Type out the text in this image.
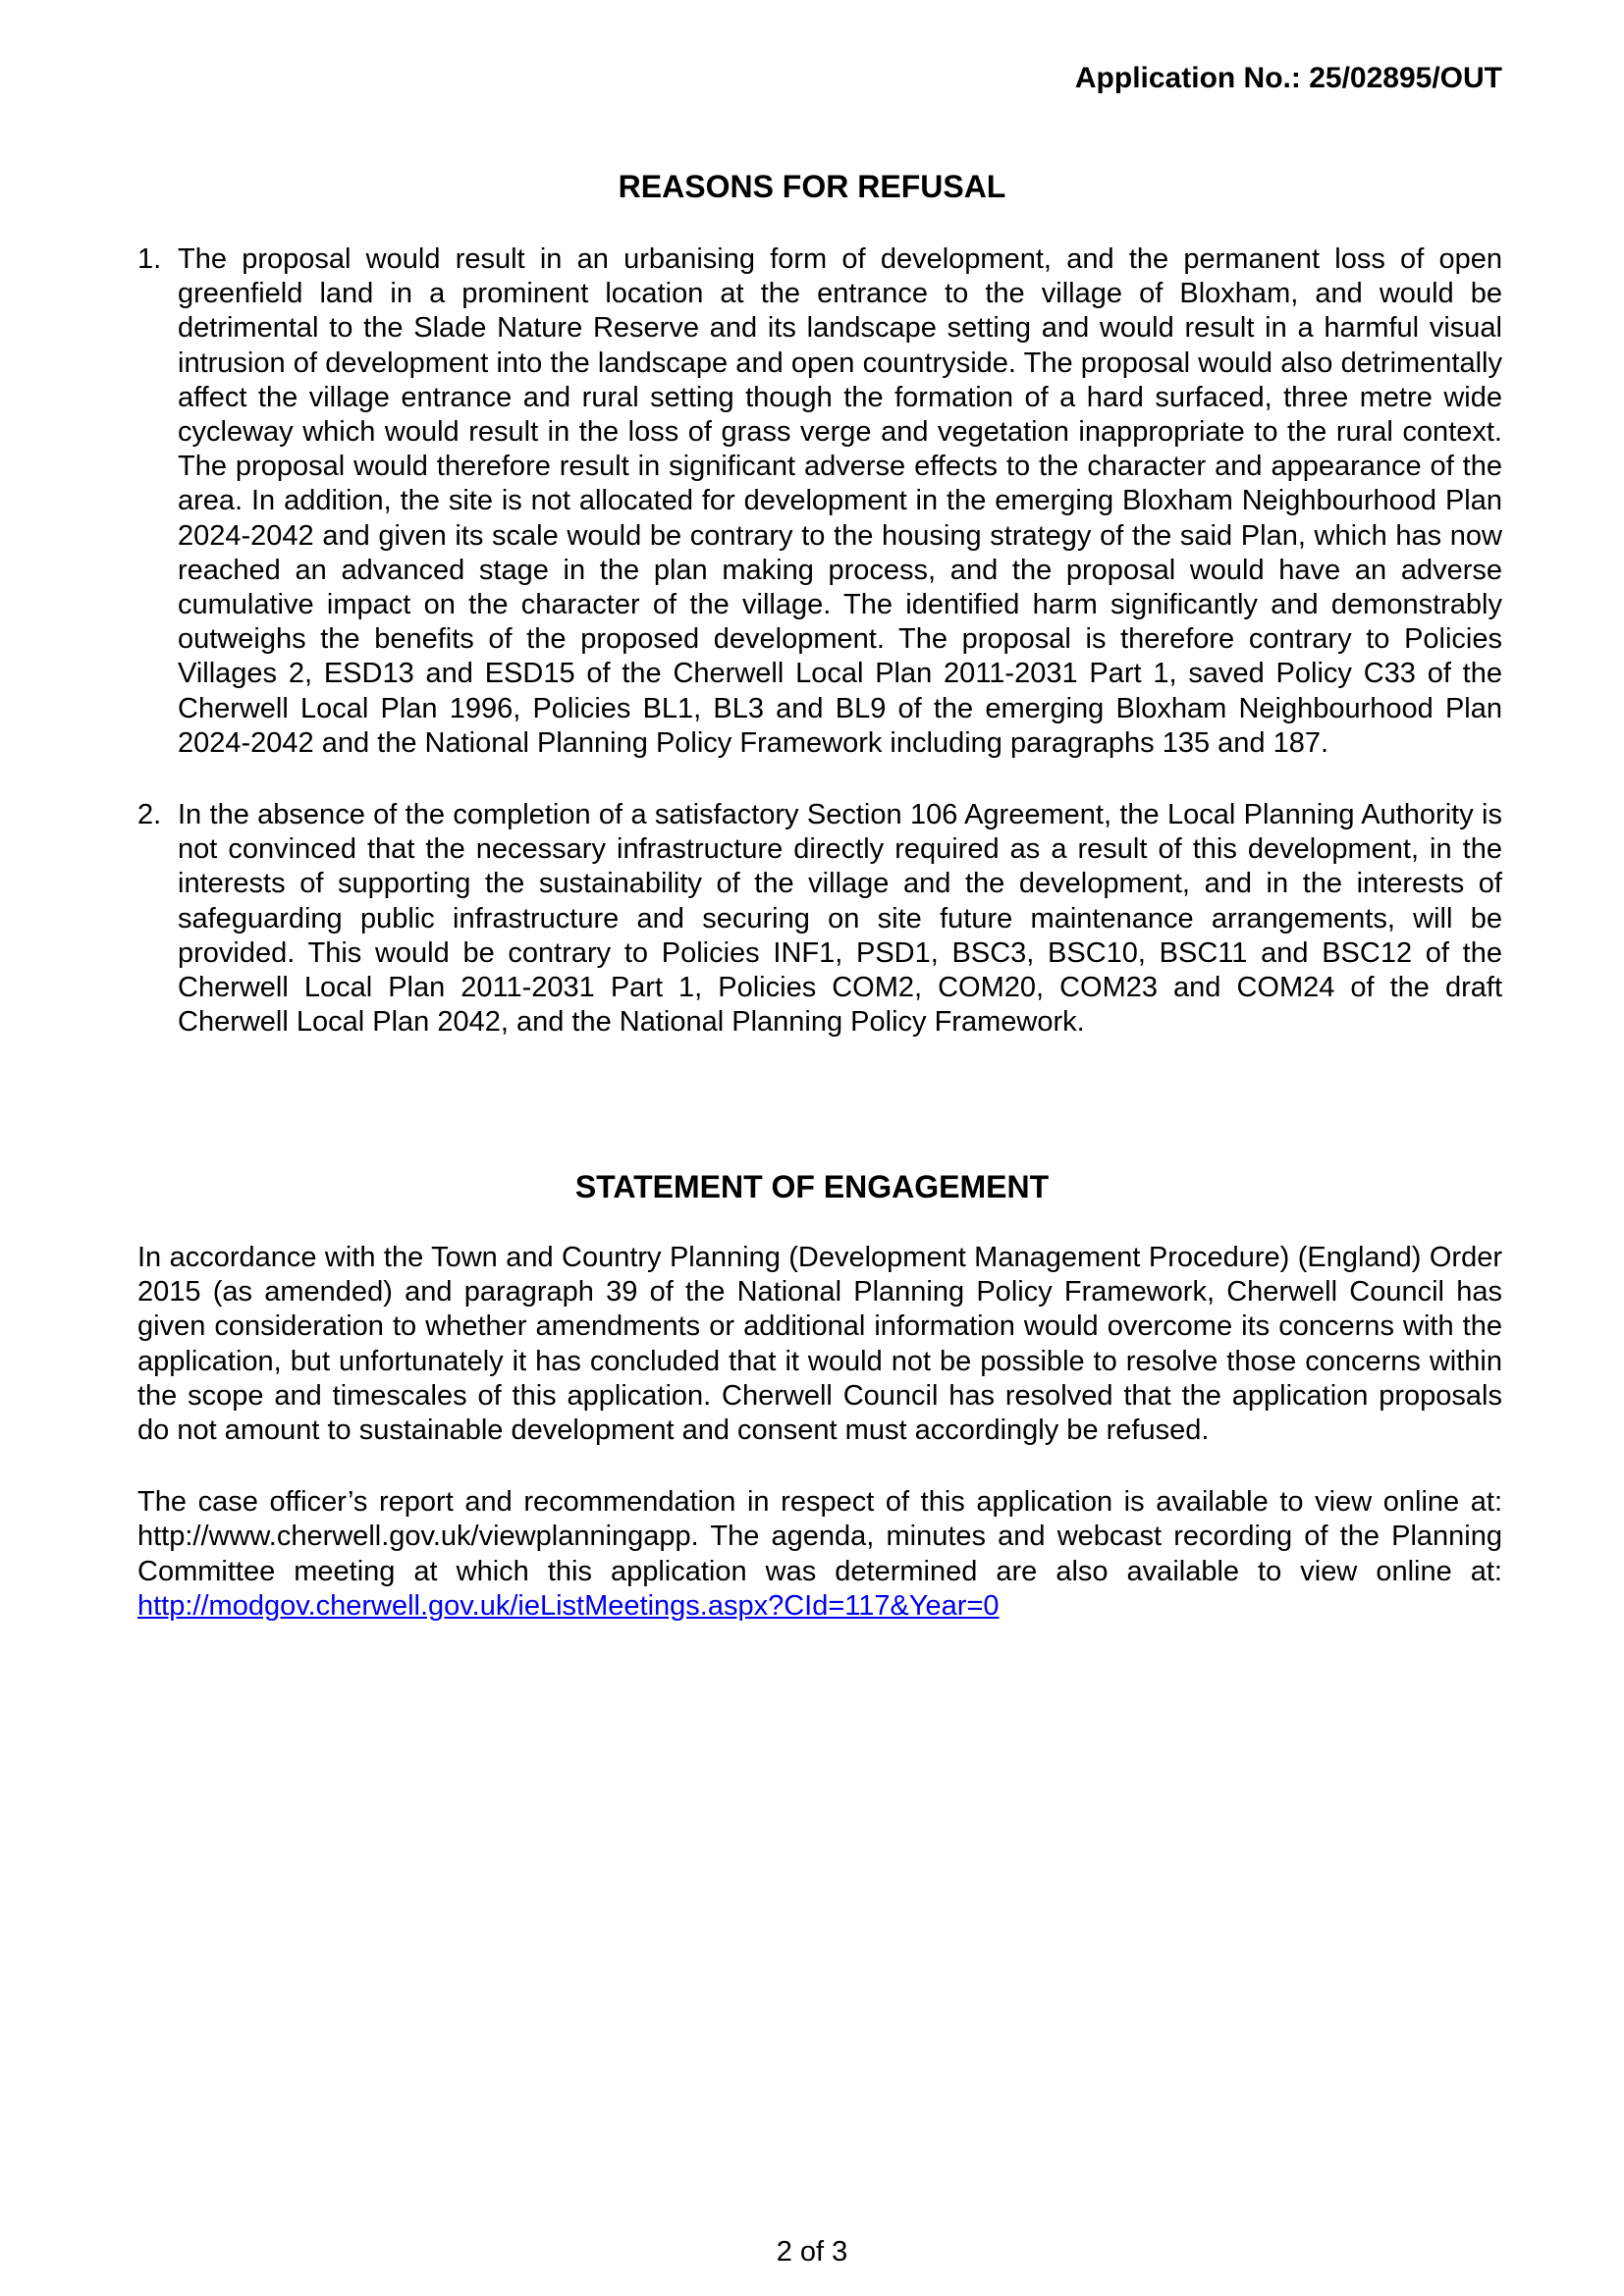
Application No.: 25/02895/OUT
REASONS FOR REFUSAL
1. The proposal would result in an urbanising form of development, and the permanent loss of open greenfield land in a prominent location at the entrance to the village of Bloxham, and would be detrimental to the Slade Nature Reserve and its landscape setting and would result in a harmful visual intrusion of development into the landscape and open countryside. The proposal would also detrimentally affect the village entrance and rural setting though the formation of a hard surfaced, three metre wide cycleway which would result in the loss of grass verge and vegetation inappropriate to the rural context. The proposal would therefore result in significant adverse effects to the character and appearance of the area. In addition, the site is not allocated for development in the emerging Bloxham Neighbourhood Plan 2024-2042 and given its scale would be contrary to the housing strategy of the said Plan, which has now reached an advanced stage in the plan making process, and the proposal would have an adverse cumulative impact on the character of the village. The identified harm significantly and demonstrably outweighs the benefits of the proposed development. The proposal is therefore contrary to Policies Villages 2, ESD13 and ESD15 of the Cherwell Local Plan 2011-2031 Part 1, saved Policy C33 of the Cherwell Local Plan 1996, Policies BL1, BL3 and BL9 of the emerging Bloxham Neighbourhood Plan 2024-2042 and the National Planning Policy Framework including paragraphs 135 and 187.
2. In the absence of the completion of a satisfactory Section 106 Agreement, the Local Planning Authority is not convinced that the necessary infrastructure directly required as a result of this development, in the interests of supporting the sustainability of the village and the development, and in the interests of safeguarding public infrastructure and securing on site future maintenance arrangements, will be provided. This would be contrary to Policies INF1, PSD1, BSC3, BSC10, BSC11 and BSC12 of the Cherwell Local Plan 2011-2031 Part 1, Policies COM2, COM20, COM23 and COM24 of the draft Cherwell Local Plan 2042, and the National Planning Policy Framework.
STATEMENT OF ENGAGEMENT

In accordance with the Town and Country Planning (Development Management Procedure) (England) Order 2015 (as amended) and paragraph 39 of the National Planning Policy Framework, Cherwell Council has given consideration to whether amendments or additional information would overcome its concerns with the application, but unfortunately it has concluded that it would not be possible to resolve those concerns within the scope and timescales of this application. Cherwell Council has resolved that the application proposals do not amount to sustainable development and consent must accordingly be refused.

The case officer’s report and recommendation in respect of this application is available to view online at: http://www.cherwell.gov.uk/viewplanningapp. The agenda, minutes and webcast recording of the Planning Committee meeting at which this application was determined are also available to view online at: http://modgov.cherwell.gov.uk/ieListMeetings.aspx?CId=117&Year=0

2 of 3
